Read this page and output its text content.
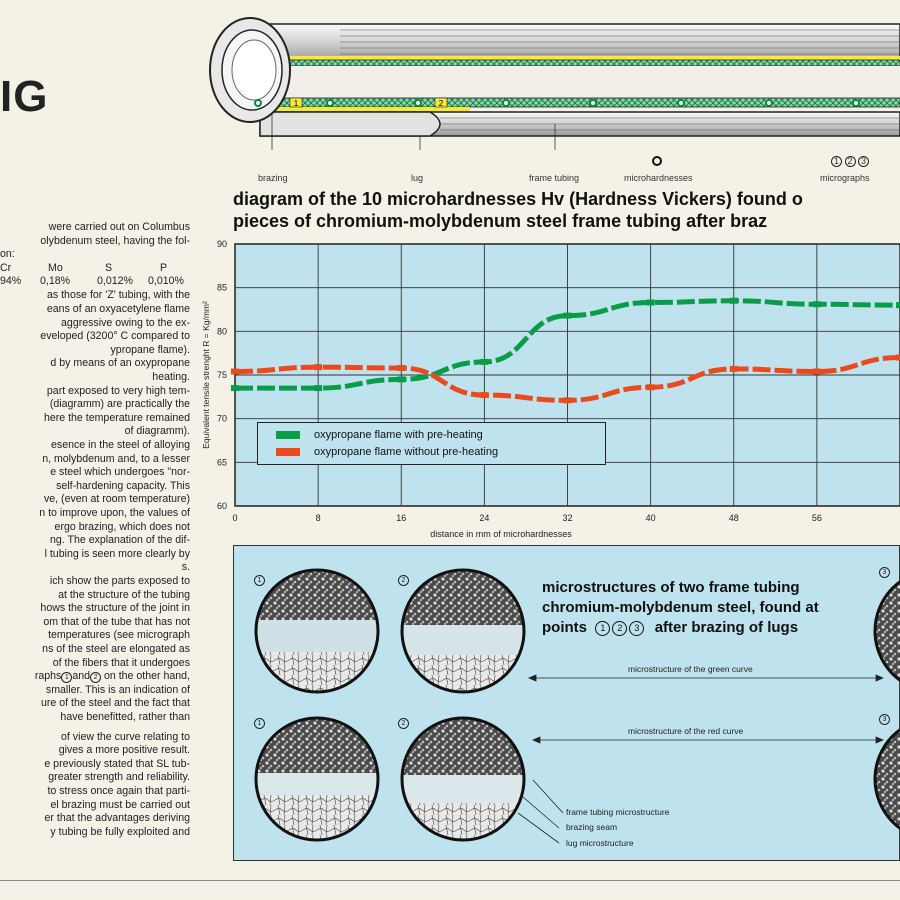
IG
were carried out on Columbus
olybdenum steel, having the fol-
on:
Cr	Mo	S	P
94% 0,18%	0,012% 0,010%
as those for 'Z' tubing, with the
eans of an oxyacetylene flame
aggressive owing to the ex-
eveloped (3200° C compared to
ypropane flame).
d by means of an oxypropane
heating.
part exposed to very high tem-
(diagramm) are practically the
here the temperature remained
of diagramm).
esence in the steel of alloying
n, molybdenum and, to a lesser
e steel which undergoes "nor-
self-hardening capacity. This
ve, (even at room temperature)
n to improve upon, the values of
ergo brazing, which does not
ng. The explanation of the dif-
l tubing is seen more clearly by
s.
ich show the parts exposed to
at the structure of the tubing
hows the structure of the joint in
om that of the tube that has not
temperatures (see micrograph
ns of the steel are elongated as
of the fibers that it undergoes
raphs 1 and 2 on the other hand,
smaller. This is an indication of
ure of the steel and the fact that
have benefitted, rather than
of view the curve relating to
gives a more positive result.
e previously stated that SL tub-
greater strength and reliability.
to stress once again that parti-
el brazing must be carried out
er that the advantages deriving
y tubing be fully exploited and
1	2
brazing	lug	frame tubing	microhardnesses
1 2 3
micrographs
diagram of the 10 microhardnesses Hv (Hardness Vickers) found o
pieces of chromium-molybdenum steel frame tubing after braz
60
65
70
75
80
85
90
0	8	16	24	32	40	48	56
distance in mm of microhardnesses
Equivalent tensile strenght R = Kg/mm²	oxypropane flame with pre-heating
oxypropane flame without pre-heating
1	2
3
1	2
3
microstructures of two frame tubing
chromium-molybdenum steel, found at
points 1 2 3 after brazing of lugs
microstructure of the green curve
microstructure of the red curve
frame tubing microstructure
brazing seam
lug microstructure
